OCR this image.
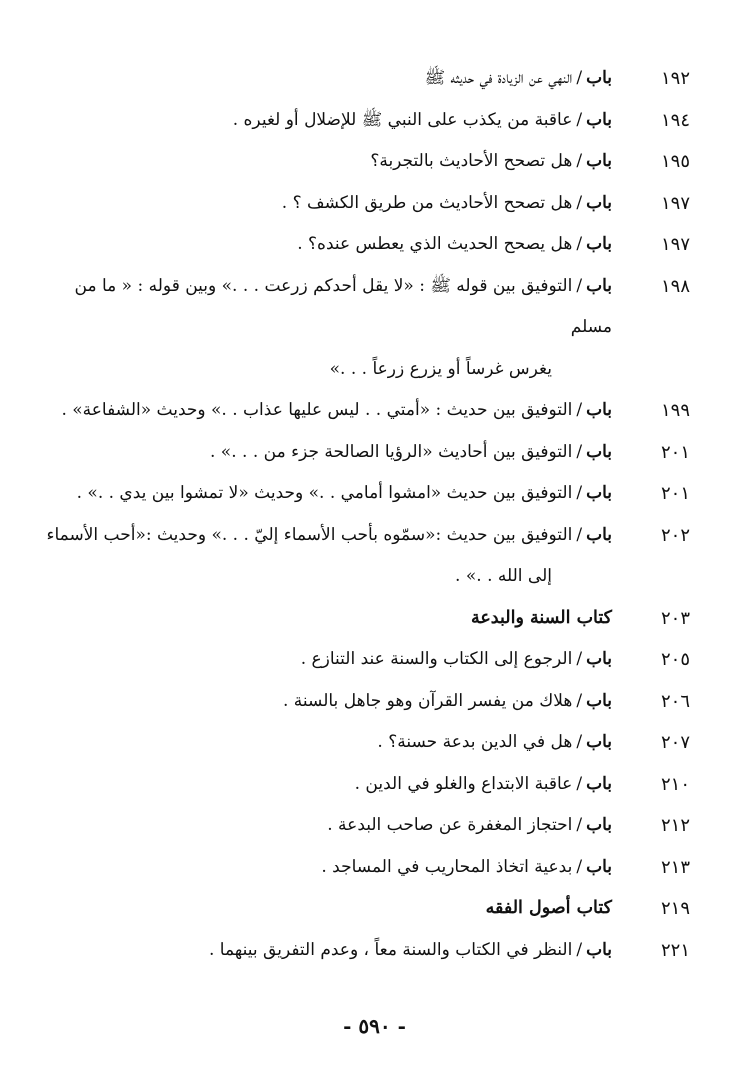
١٩٢
باب/النهي عن الزيادة في حديثه ﷺ
١٩٤
باب/عاقبة من يكذب على النبي ﷺ للإضلال أو لغيره .
١٩٥
باب/هل تصحح الأحاديث بالتجربة؟
١٩٧
باب/هل تصحح الأحاديث من طريق الكشف ؟ .
١٩٧
باب/هل يصحح الحديث الذي يعطس عنده؟ .
١٩٨
باب/التوفيق بين قوله ﷺ : «لا يقل أحدكم زرعت . . .» وبين قوله : « ما من مسلم
يغرس غرساً أو يزرع زرعاً . . .»
١٩٩
باب/التوفيق بين حديث : «أمتي . . ليس عليها عذاب . .» وحديث «الشفاعة» .
٢٠١
باب/التوفيق بين أحاديث «الرؤيا الصالحة جزء من . . .» .
٢٠١
باب/التوفيق بين حديث «امشوا أمامي . .» وحديث «لا تمشوا بين يدي . .» .
٢٠٢
باب/التوفيق بين حديث :«سمّوه بأحب الأسماء إليّ . . .» وحديث :«أحب الأسماء
إلى الله . .» .
٢٠٣
كتاب السنة والبدعة
٢٠٥
باب/الرجوع إلى الكتاب والسنة عند التنازع .
٢٠٦
باب/هلاك من يفسر القرآن وهو جاهل بالسنة .
٢٠٧
باب/هل في الدين بدعة حسنة؟ .
٢١٠
باب/عاقبة الابتداع والغلو في الدين .
٢١٢
باب/احتجاز المغفرة عن صاحب البدعة .
٢١٣
باب/بدعية اتخاذ المحاريب في المساجد .
٢١٩
كتاب أصول الفقه
٢٢١
باب/النظر في الكتاب والسنة معاً ، وعدم التفريق بينهما .
- ٥٩٠ -
